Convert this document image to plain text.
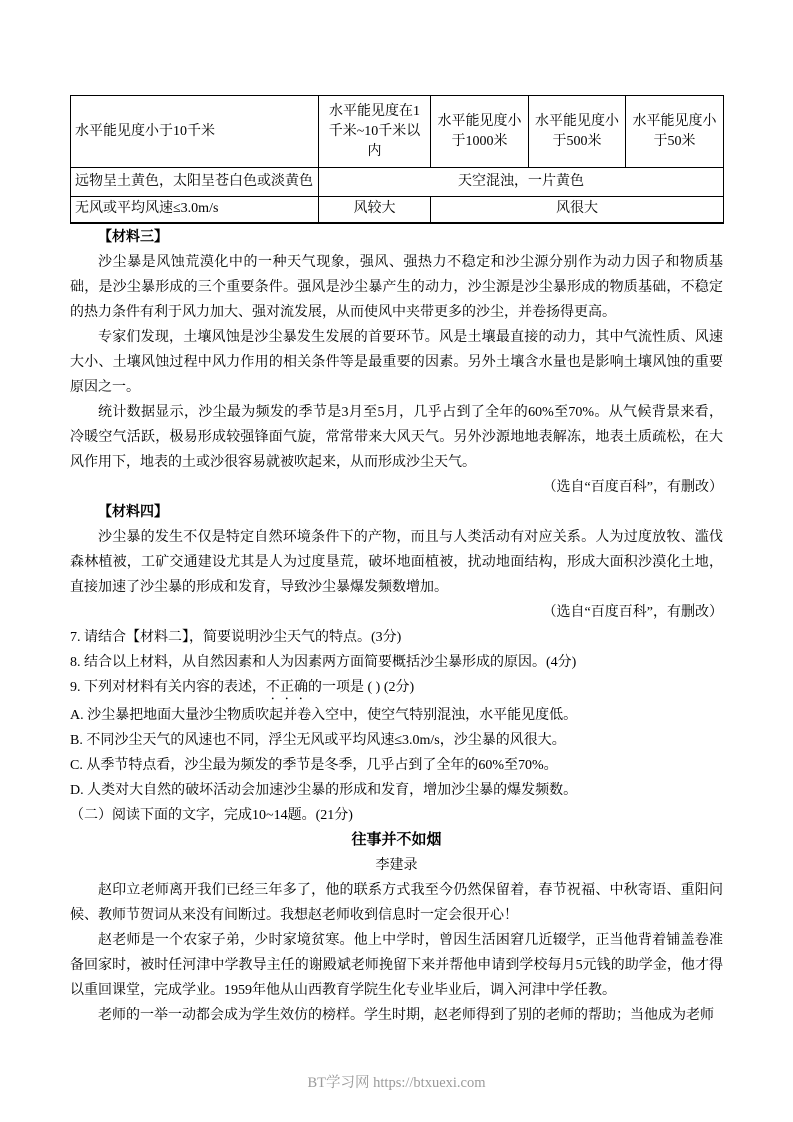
水平能见度小于10千米	水平能见度在1千米~10千米以内	水平能见度小于1000米	水平能见度小于500米	水平能见度小于50米
远物呈土黄色，太阳呈苍白色或淡黄色	天空混浊，一片黄色			
无风或平均风速≤3.0m/s	风较大	风很大		

【材料三】

沙尘暴是风蚀荒漠化中的一种天气现象，强风、强热力不稳定和沙尘源分别作为动力因子和物质基础，是沙尘暴形成的三个重要条件。强风是沙尘暴产生的动力，沙尘源是沙尘暴形成的物质基础，不稳定的热力条件有利于风力加大、强对流发展，从而使风中夹带更多的沙尘，并卷扬得更高。

专家们发现，土壤风蚀是沙尘暴发生发展的首要环节。风是土壤最直接的动力，其中气流性质、风速大小、土壤风蚀过程中风力作用的相关条件等是最重要的因素。另外土壤含水量也是影响土壤风蚀的重要原因之一。

统计数据显示，沙尘最为频发的季节是3月至5月，几乎占到了全年的60%至70%。从气候背景来看，冷暖空气活跃，极易形成较强锋面气旋，常常带来大风天气。另外沙源地地表解冻，地表土质疏松，在大风作用下，地表的土或沙很容易就被吹起来，从而形成沙尘天气。

（选自“百度百科”，有删改）

【材料四】

沙尘暴的发生不仅是特定自然环境条件下的产物，而且与人类活动有对应关系。人为过度放牧、滥伐森林植被，工矿交通建设尤其是人为过度垦荒，破坏地面植被，扰动地面结构，形成大面积沙漠化土地，直接加速了沙尘暴的形成和发育，导致沙尘暴爆发频数增加。

（选自“百度百科”，有删改）

7. 请结合【材料二】，简要说明沙尘天气的特点。(3分)

8. 结合以上材料，从自然因素和人为因素两方面简要概括沙尘暴形成的原因。(4分)

9. 下列对材料有关内容的表述，不正确的一项是 ( ) (2分)

A. 沙尘暴把地面大量沙尘物质吹起并卷入空中，使空气特别混浊，水平能见度低。

B. 不同沙尘天气的风速也不同，浮尘无风或平均风速≤3.0m/s，沙尘暴的风很大。

C. 从季节特点看，沙尘最为频发的季节是冬季，几乎占到了全年的60%至70%。

D. 人类对大自然的破坏活动会加速沙尘暴的形成和发育，增加沙尘暴的爆发频数。

（二）阅读下面的文字，完成10~14题。(21分)

往事并不如烟

李建录

赵印立老师离开我们已经三年多了，他的联系方式我至今仍然保留着，春节祝福、中秋寄语、重阳问候、教师节贺词从来没有间断过。我想赵老师收到信息时一定会很开心！

赵老师是一个农家子弟，少时家境贫寒。他上中学时，曾因生活困窘几近辍学，正当他背着铺盖卷准备回家时，被时任河津中学教导主任的谢殿斌老师挽留下来并帮他申请到学校每月5元钱的助学金，他才得以重回课堂，完成学业。1959年他从山西教育学院生化专业毕业后，调入河津中学任教。

老师的一举一动都会成为学生效仿的榜样。学生时期，赵老师得到了别的老师的帮助；当他成为老师

BT学习网 https://btxuexi.com
